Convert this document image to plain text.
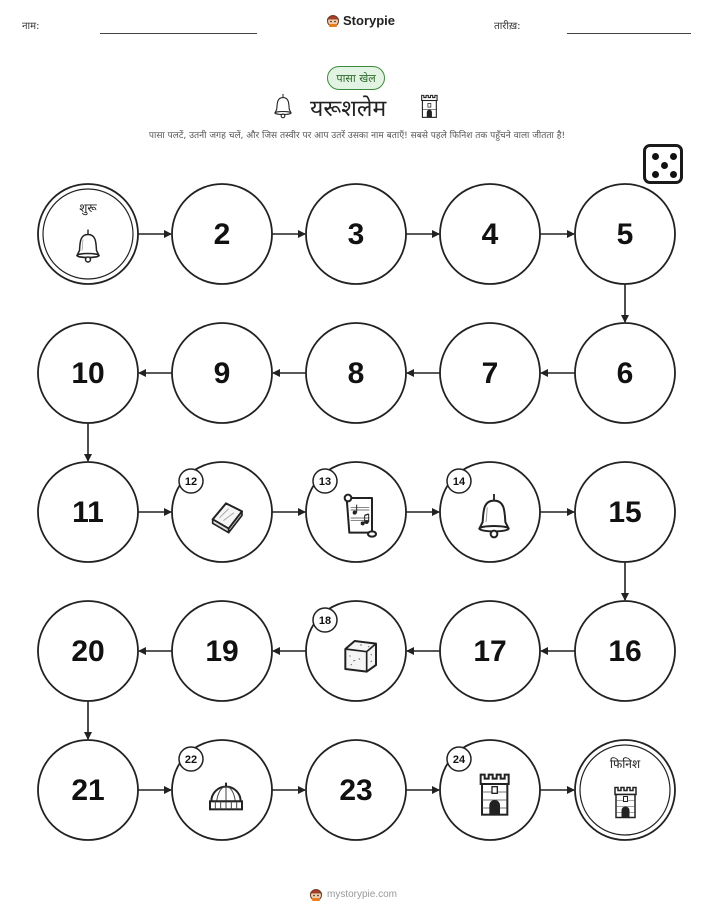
नाम:	Storypie	तारीख़:
पासा खेल
यरूशलेम
पासा पलटें, उतनी जगह चलें, और जिस तस्वीर पर आप उतरें उसका नाम बताएँ! सबसे पहले फिनिश तक पहुँचने वाला जीतता है!
शुरू
2	3	4	5
6
7
8
9
10
11
12	13	14
15
16
17
18
19
20
21
22
23
24	फिनिश
mystorypie.com
